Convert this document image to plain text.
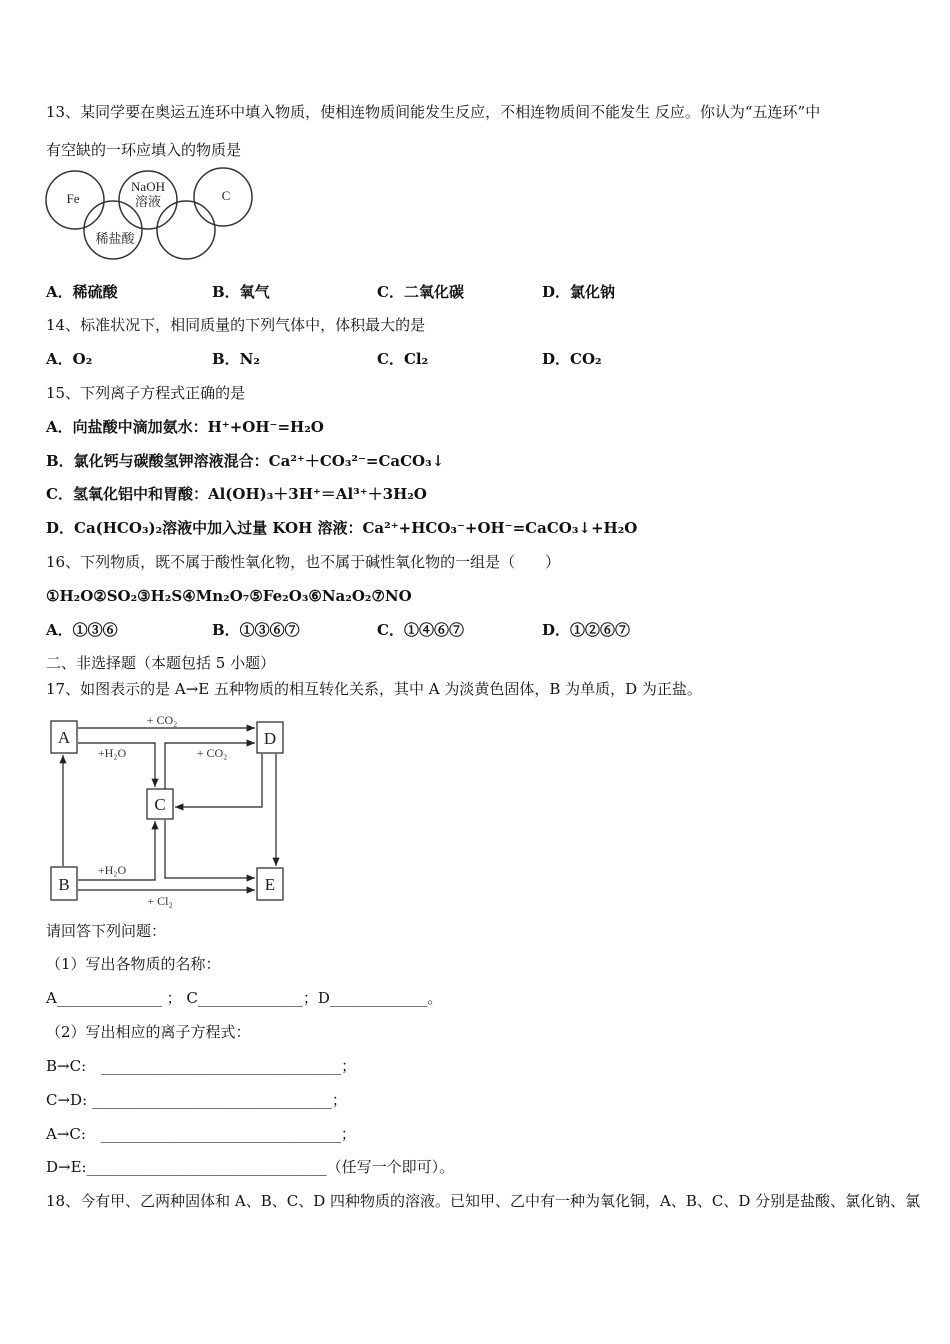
13、某同学要在奥运五连环中填入物质，使相连物质间能发生反应，不相连物质间不能发生 反应。你认为“五连环”中
有空缺的一环应填入的物质是
Fe
NaOH
溶液	C
稀盐酸
A．稀硫酸	B．氧气	C．二氧化碳	D．氯化钠
14、标准状况下，相同质量的下列气体中，体积最大的是
A．O₂	B．N₂	C．Cl₂	D．CO₂
15、下列离子方程式正确的是
A．向盐酸中滴加氨水：H⁺+OH⁻=H₂O
B．氯化钙与碳酸氢钾溶液混合：Ca²⁺＋CO₃²⁻=CaCO₃↓
C．氢氧化铝中和胃酸：Al(OH)₃＋3H⁺＝Al³⁺＋3H₂O
D．Ca(HCO₃)₂溶液中加入过量 KOH 溶液：Ca²⁺+HCO₃⁻+OH⁻=CaCO₃↓+H₂O
16、下列物质，既不属于酸性氧化物，也不属于碱性氧化物的一组是（　　）
①H₂O②SO₂③H₂S④Mn₂O₇⑤Fe₂O₃⑥Na₂O₂⑦NO
A．①③⑥	B．①③⑥⑦	C．①④⑥⑦	D．①②⑥⑦
二、非选择题（本题包括 5 小题）
17、如图表示的是 A→E 五种物质的相互转化关系，其中 A 为淡黄色固体，B 为单质，D 为正盐。
A	D
C
B	E
+ CO₂
+H₂O	+ CO₂
+H₂O
+ Cl₂
请回答下列问题：
（1）写出各物质的名称：
A______________ ； C______________；D_____________。
（2）写出相应的离子方程式：
B→C:　________________________________；
C→D: ________________________________；
A→C:　________________________________；
D→E:________________________________（任写一个即可）。
18、今有甲、乙两种固体和 A、B、C、D 四种物质的溶液。已知甲、乙中有一种为氧化铜，A、B、C、D 分别是盐酸、氯化钠、氯
